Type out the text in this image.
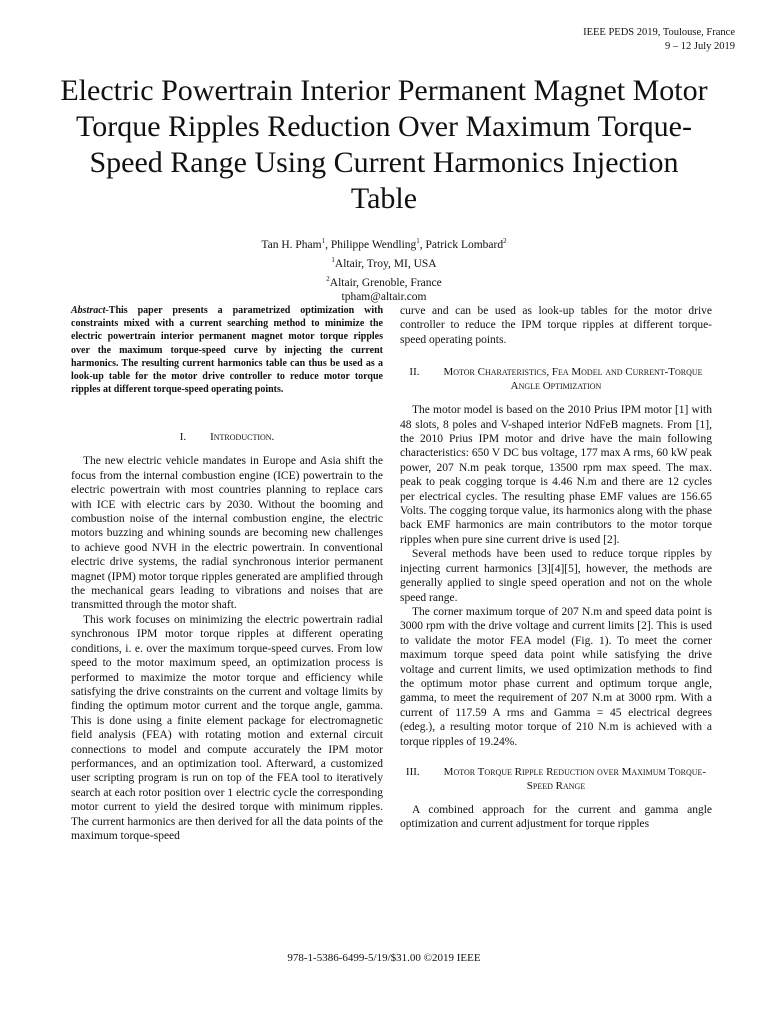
IEEE PEDS 2019, Toulouse, France
9 – 12 July 2019
Electric Powertrain Interior Permanent Magnet Motor Torque Ripples Reduction Over Maximum Torque-Speed Range Using Current Harmonics Injection Table
Tan H. Pham$^1$, Philippe Wendling$^1$, Patrick Lombard$^2$
$^1$Altair, Troy, MI, USA
$^2$Altair, Grenoble, France
tpham@altair.com

Abstract-This paper presents a parametrized optimization with constraints mixed with a current searching method to minimize the electric powertrain interior permanent magnet motor torque ripples over the maximum torque-speed curve by injecting the current harmonics. The resulting current harmonics table can thus be used as a look-up table for the motor drive controller to reduce motor torque ripples at different torque-speed operating points.

I. Introduction.

The new electric vehicle mandates in Europe and Asia shift the focus from the internal combustion engine (ICE) powertrain to the electric powertrain with most countries planning to replace cars with ICE with electric cars by 2030. Without the booming and combustion noise of the internal combustion engine, the electric motors buzzing and whining sounds are becoming new challenges to achieve good NVH in the electric powertrain. In conventional electric drive systems, the radial synchronous interior permanent magnet (IPM) motor torque ripples generated are amplified through the mechanical gears leading to vibrations and noises that are transmitted through the motor shaft.

This work focuses on minimizing the electric powertrain radial synchronous IPM motor torque ripples at different operating conditions, i. e. over the maximum torque-speed curves. From low speed to the motor maximum speed, an optimization process is performed to maximize the motor torque and efficiency while satisfying the drive constraints on the current and voltage limits by finding the optimum motor current and the torque angle, gamma. This is done using a finite element package for electromagnetic field analysis (FEA) with rotating motion and external circuit connections to model and compute accurately the IPM motor performances, and an optimization tool. Afterward, a customized user scripting program is run on top of the FEA tool to iteratively search at each rotor position over 1 electric cycle the corresponding motor current to yield the desired torque with minimum ripples. The current harmonics are then derived for all the data points of the maximum torque-speed

curve and can be used as look-up tables for the motor drive controller to reduce the IPM torque ripples at different torque-speed operating points.

II. Motor Charateristics, Fea Model and Current-Torque Angle Optimization

The motor model is based on the 2010 Prius IPM motor [1] with 48 slots, 8 poles and V-shaped interior NdFeB magnets. From [1], the 2010 Prius IPM motor and drive have the main following characteristics: 650 V DC bus voltage, 177 max A rms, 60 kW peak power, 207 N.m peak torque, 13500 rpm max speed. The max. peak to peak cogging torque is 4.46 N.m and there are 12 cycles per electrical cycles. The resulting phase EMF values are 156.65 Volts. The cogging torque value, its harmonics along with the phase back EMF harmonics are main contributors to the motor torque ripples when pure sine current drive is used [2].

Several methods have been used to reduce torque ripples by injecting current harmonics [3][4][5], however, the methods are generally applied to single speed operation and not on the whole speed range.

The corner maximum torque of 207 N.m and speed data point is 3000 rpm with the drive voltage and current limits [2]. This is used to validate the motor FEA model (Fig. 1). To meet the corner maximum torque speed data point while satisfying the drive voltage and current limits, we used optimization methods to find the optimum motor phase current and optimum torque angle, gamma, to meet the requirement of 207 N.m at 3000 rpm. With a current of 117.59 A rms and Gamma = 45 electrical degrees (edeg.), a resulting motor torque of 210 N.m is achieved with a torque ripples of 19.24%.

III. Motor Torque Ripple Reduction over Maximum Torque-Speed Range

A combined approach for the current and gamma angle optimization and current adjustment for torque ripples

978-1-5386-6499-5/19/$31.00 ©2019 IEEE
